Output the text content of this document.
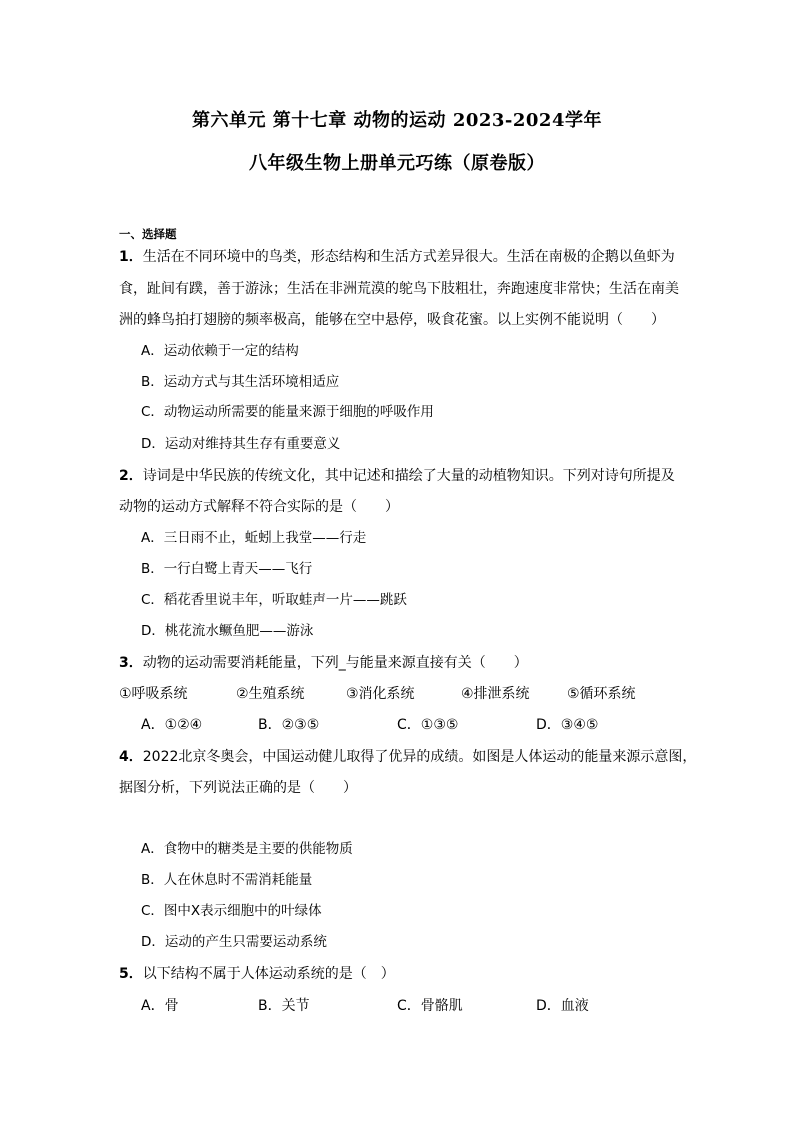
第六单元 第十七章 动物的运动 2023-2024学年
八年级生物上册单元巧练（原卷版）
一、选择题
1．生活在不同环境中的鸟类，形态结构和生活方式差异很大。生活在南极的企鹅以鱼虾为
食，趾间有蹼，善于游泳；生活在非洲荒漠的鸵鸟下肢粗壮，奔跑速度非常快；生活在南美
洲的蜂鸟拍打翅膀的频率极高，能够在空中悬停，吸食花蜜。以上实例不能说明（　　）
A．运动依赖于一定的结构
B．运动方式与其生活环境相适应
C．动物运动所需要的能量来源于细胞的呼吸作用
D．运动对维持其生存有重要意义
2．诗词是中华民族的传统文化，其中记述和描绘了大量的动植物知识。下列对诗句所提及
动物的运动方式解释不符合实际的是（　　）
A．三日雨不止，蚯蚓上我堂——行走
B．一行白鹭上青天——飞行
C．稻花香里说丰年，听取蛙声一片——跳跃
D．桃花流水鳜鱼肥——游泳
3．动物的运动需要消耗能量，下列_与能量来源直接有关（　　）
①呼吸系统	②生殖系统	③消化系统	④排泄系统	⑤循环系统
A．①②④	B．②③⑤	C．①③⑤	D．③④⑤
4．2022北京冬奥会，中国运动健儿取得了优异的成绩。如图是人体运动的能量来源示意图，
据图分析，下列说法正确的是（　　）
A．食物中的糖类是主要的供能物质
B．人在休息时不需消耗能量
C．图中X表示细胞中的叶绿体
D．运动的产生只需要运动系统
5．以下结构不属于人体运动系统的是（　）
A．骨	B．关节	C．骨骼肌	D．血液
